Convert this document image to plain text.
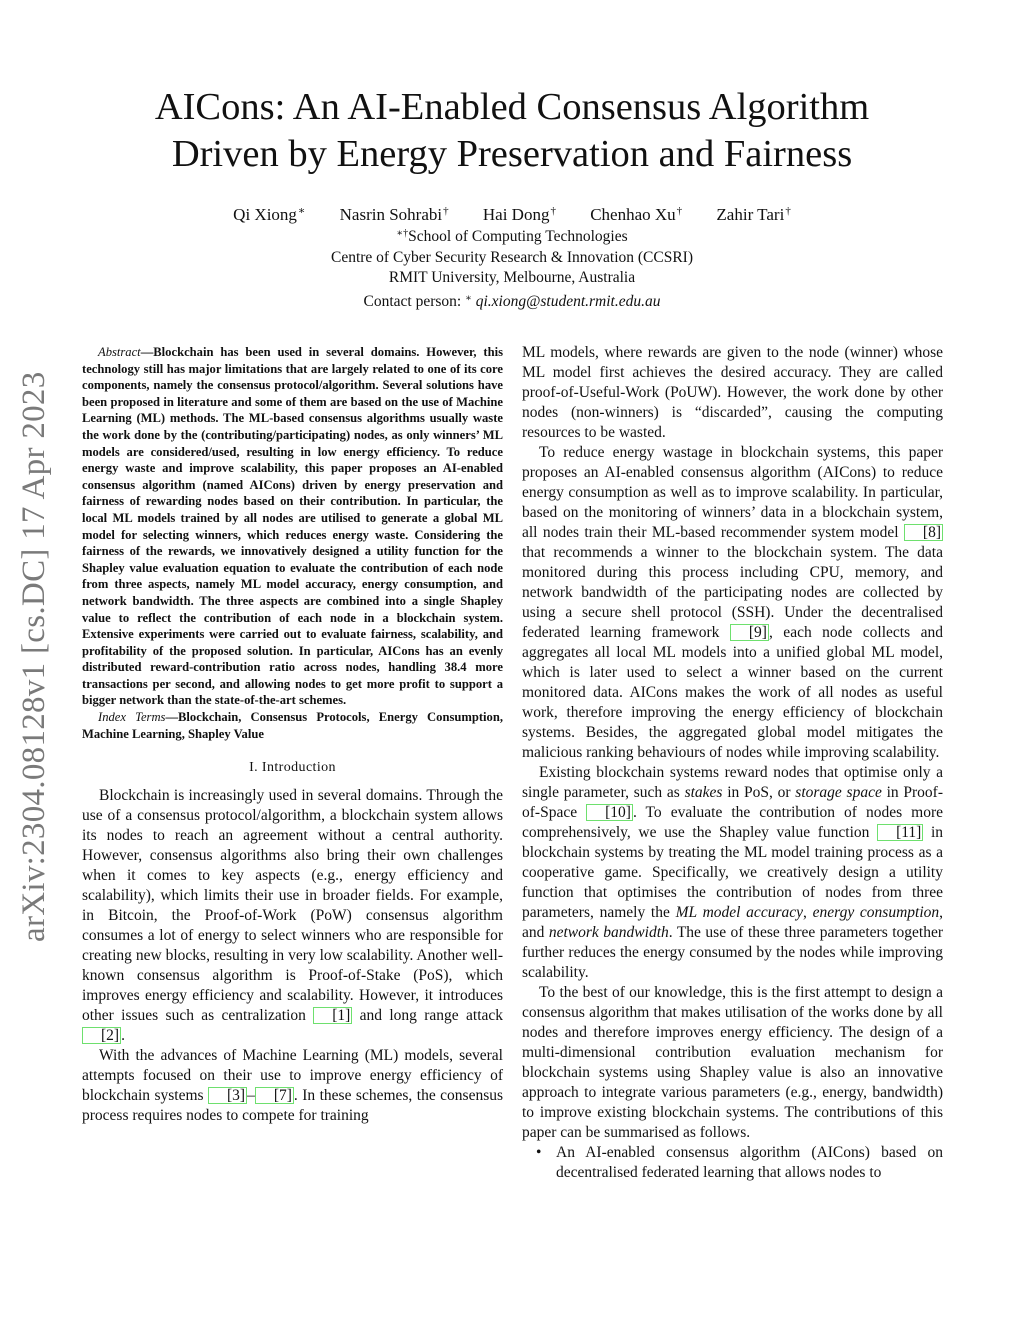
arXiv:2304.08128v1 [cs.DC] 17 Apr 2023
AICons: An AI-Enabled Consensus Algorithm
Driven by Energy Preservation and Fairness
Qi Xiong∗ Nasrin Sohrabi† Hai Dong† Chenhao Xu† Zahir Tari†
∗†School of Computing Technologies
Centre of Cyber Security Research & Innovation (CCSRI)
RMIT University, Melbourne, Australia
Contact person: ∗ qi.xiong@student.rmit.edu.au

Abstract—Blockchain has been used in several domains. However, this technology still has major limitations that are largely related to one of its core components, namely the consensus protocol/algorithm. Several solutions have been proposed in literature and some of them are based on the use of Machine Learning (ML) methods. The ML-based consensus algorithms usually waste the work done by the (contributing/participating) nodes, as only winners’ ML models are considered/used, resulting in low energy efficiency. To reduce energy waste and improve scalability, this paper proposes an AI-enabled consensus algorithm (named AICons) driven by energy preservation and fairness of rewarding nodes based on their contribution. In particular, the local ML models trained by all nodes are utilised to generate a global ML model for selecting winners, which reduces energy waste. Considering the fairness of the rewards, we innovatively designed a utility function for the Shapley value evaluation equation to evaluate the contribution of each node from three aspects, namely ML model accuracy, energy consumption, and network bandwidth. The three aspects are combined into a single Shapley value to reflect the contribution of each node in a blockchain system. Extensive experiments were carried out to evaluate fairness, scalability, and profitability of the proposed solution. In particular, AICons has an evenly distributed reward-contribution ratio across nodes, handling 38.4 more transactions per second, and allowing nodes to get more profit to support a bigger network than the state-of-the-art schemes.

Index Terms—Blockchain, Consensus Protocols, Energy Consumption, Machine Learning, Shapley Value

I. Introduction

Blockchain is increasingly used in several domains. Through the use of a consensus protocol/algorithm, a blockchain system allows its nodes to reach an agreement without a central authority. However, consensus algorithms also bring their own challenges when it comes to key aspects (e.g., energy efficiency and scalability), which limits their use in broader fields. For example, in Bitcoin, the Proof-of-Work (PoW) consensus algorithm consumes a lot of energy to select winners who are responsible for creating new blocks, resulting in very low scalability. Another well-known consensus algorithm is Proof-of-Stake (PoS), which improves energy efficiency and scalability. However, it introduces other issues such as centralization [1] and long range attack [2] .

With the advances of Machine Learning (ML) models, several attempts focused on their use to improve energy efficiency of blockchain systems [3] – [7] . In these schemes, the consensus process requires nodes to compete for training

ML models, where rewards are given to the node (winner) whose ML model first achieves the desired accuracy. They are called proof-of-Useful-Work (PoUW). However, the work done by other nodes (non-winners) is “discarded”, causing the computing resources to be wasted.

To reduce energy wastage in blockchain systems, this paper proposes an AI-enabled consensus algorithm (AICons) to reduce energy consumption as well as to improve scalability. In particular, based on the monitoring of winners’ data in a blockchain system, all nodes train their ML-based recommender system model [8] that recommends a winner to the blockchain system. The data monitored during this process including CPU, memory, and network bandwidth of the participating nodes are collected by using a secure shell protocol (SSH). Under the decentralised federated learning framework [9] , each node collects and aggregates all local ML models into a unified global ML model, which is later used to select a winner based on the current monitored data. AICons makes the work of all nodes as useful work, therefore improving the energy efficiency of blockchain systems. Besides, the aggregated global model mitigates the malicious ranking behaviours of nodes while improving scalability.

Existing blockchain systems reward nodes that optimise only a single parameter, such as stakes in PoS, or storage space in Proof-of-Space [10] . To evaluate the contribution of nodes more comprehensively, we use the Shapley value function [11] in blockchain systems by treating the ML model training process as a cooperative game. Specifically, we creatively design a utility function that optimises the contribution of nodes from three parameters, namely the ML model accuracy, energy consumption, and network bandwidth. The use of these three parameters together further reduces the energy consumed by the nodes while improving scalability.

To the best of our knowledge, this is the first attempt to design a consensus algorithm that makes utilisation of the works done by all nodes and therefore improves energy efficiency. The design of a multi-dimensional contribution evaluation mechanism for blockchain systems using Shapley value is also an innovative approach to integrate various parameters (e.g., energy, bandwidth) to improve existing blockchain systems. The contributions of this paper can be summarised as follows.

• An AI-enabled consensus algorithm (AICons) based on decentralised federated learning that allows nodes to
